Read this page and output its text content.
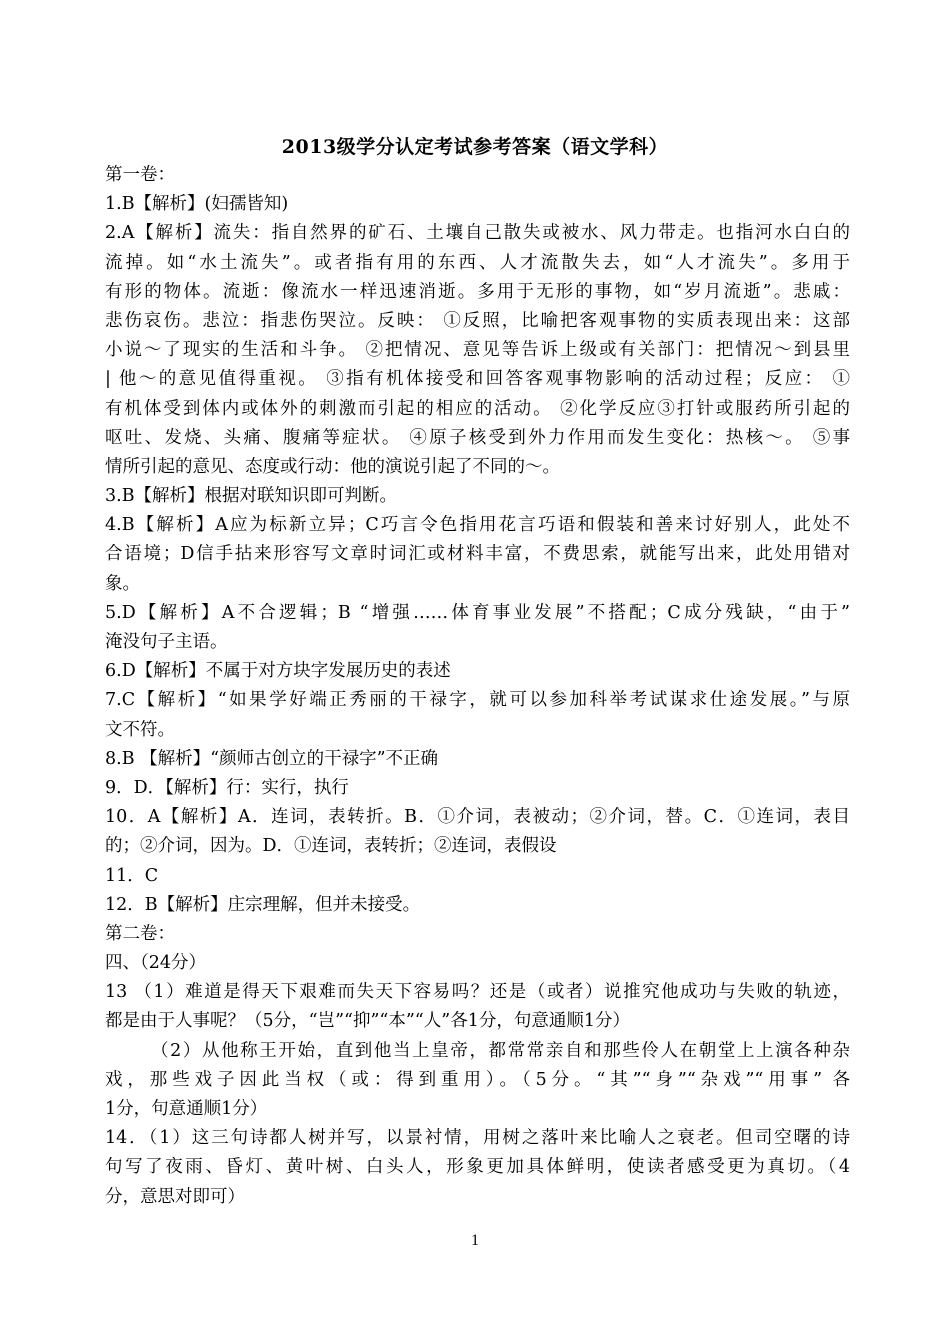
2013级学分认定考试参考答案（语文学科）
第一卷：
1.B【解析】(妇孺皆知)
2.A【解析】流失：指自然界的矿石、土壤自己散失或被水、风力带走。也指河水白白的
流掉。如“水土流失”。或者指有用的东西、人才流散失去，如“人才流失”。多用于
有形的物体。流逝：像流水一样迅速消逝。多用于无形的事物，如“岁月流逝”。悲戚：
悲伤哀伤。悲泣：指悲伤哭泣。反映： ①反照，比喻把客观事物的实质表现出来：这部
小说～了现实的生活和斗争。 ②把情况、意见等告诉上级或有关部门：把情况～到县里
| 他～的意见值得重视。 ③指有机体接受和回答客观事物影响的活动过程；反应： ①
有机体受到体内或体外的刺激而引起的相应的活动。 ②化学反应③打针或服药所引起的
呕吐、发烧、头痛、腹痛等症状。 ④原子核受到外力作用而发生变化：热核～。 ⑤事
情所引起的意见、态度或行动：他的演说引起了不同的～。
3.B【解析】根据对联知识即可判断。
4.B【解析】A应为标新立异；C巧言令色指用花言巧语和假装和善来讨好别人，此处不
合语境；D信手拈来形容写文章时词汇或材料丰富，不费思索，就能写出来，此处用错对
象。
5.D【解析】A不合逻辑；B “增强……体育事业发展”不搭配；C成分残缺，“由于”
淹没句子主语。
6.D【解析】不属于对方块字发展历史的表述
7.C【解析】“如果学好端正秀丽的干禄字，就可以参加科举考试谋求仕途发展。”与原
文不符。
8.B 【解析】“颜师古创立的干禄字”不正确
9．D．【解析】行：实行，执行
10．A【解析】A．连词，表转折。B．①介词，表被动；②介词，替。C．①连词，表目
的；②介词，因为。D．①连词，表转折；②连词，表假设
11．C
12．B【解析】庄宗理解，但并未接受。
第二卷：
四、（24分）
13 （1）难道是得天下艰难而失天下容易吗？还是（或者）说推究他成功与失败的轨迹，
都是由于人事呢？（5分，“岂”“抑”“本”“人”各1分，句意通顺1分）
（2）从他称王开始，直到他当上皇帝，都常常亲自和那些伶人在朝堂上上演各种杂
戏，那些戏子因此当权（或：得到重用）。（5分。“其”“身”“杂戏”“用事” 各
1分，句意通顺1分）
14．（1）这三句诗都人树并写，以景衬情，用树之落叶来比喻人之衰老。但司空曙的诗
句写了夜雨、昏灯、黄叶树、白头人，形象更加具体鲜明，使读者感受更为真切。（4
分，意思对即可）
1
